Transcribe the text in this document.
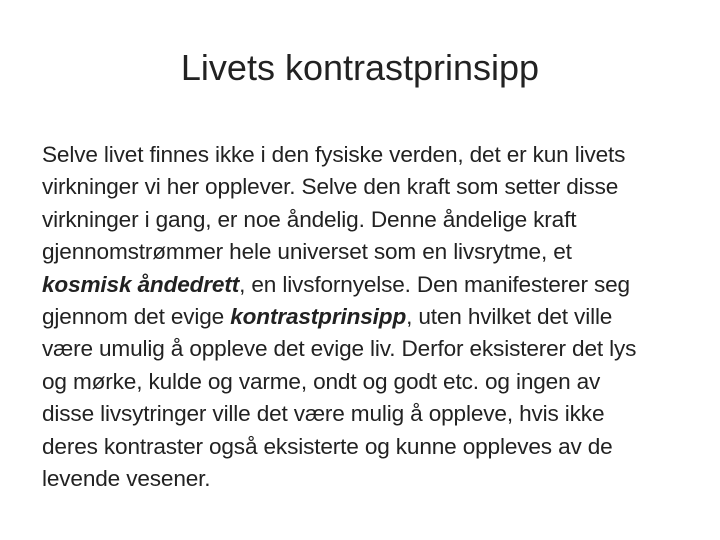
Livets kontrastprinsipp
Selve livet finnes ikke i den fysiske verden, det er kun livets
virkninger vi her opplever. Selve den kraft som setter disse
virkninger i gang, er noe åndelig. Denne åndelige kraft
gjennomstrømmer hele universet som en livsrytme, et
kosmisk åndedrett, en livsfornyelse. Den manifesterer seg
gjennom det evige kontrastprinsipp, uten hvilket det ville
være umulig å oppleve det evige liv. Derfor eksisterer det lys
og mørke, kulde og varme, ondt og godt etc. og ingen av
disse livsytringer ville det være mulig å oppleve, hvis ikke
deres kontraster også eksisterte og kunne oppleves av de
levende vesener.
